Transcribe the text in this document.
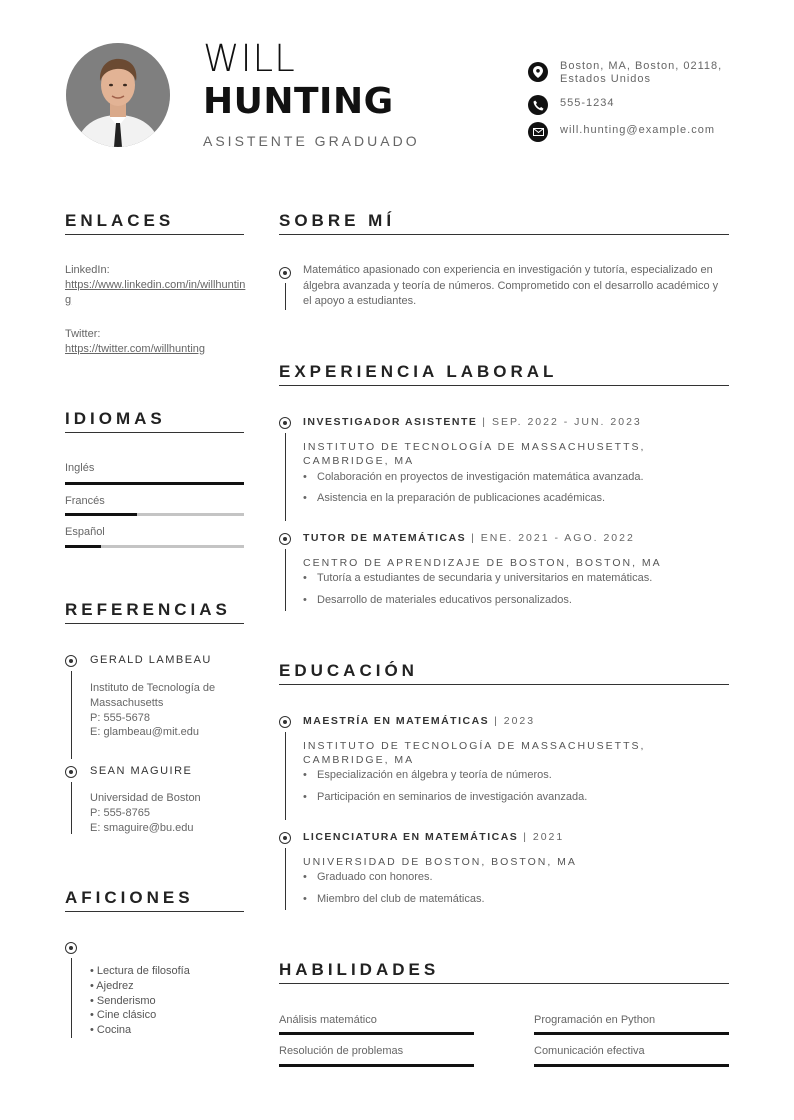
WILL
HUNTING
ASISTENTE GRADUADO
Boston, MA, Boston, 02118, Estados Unidos
555-1234
will.hunting@example.com
ENLACES
LinkedIn:
https://www.linkedin.com/in/willhunting
Twitter:
https://twitter.com/willhunting
IDIOMAS
Inglés
Francés
Español
REFERENCIAS
GERALD LAMBEAU
Instituto de Tecnología de Massachusetts
P: 555-5678
E: glambeau@mit.edu
SEAN MAGUIRE
Universidad de Boston
P: 555-8765
E: smaguire@bu.edu
AFICIONES
• Lectura de filosofía
• Ajedrez
• Senderismo
• Cine clásico
• Cocina
SOBRE MÍ
Matemático apasionado con experiencia en investigación y tutoría, especializado en álgebra avanzada y teoría de números. Comprometido con el desarrollo académico y el apoyo a estudiantes.
EXPERIENCIA LABORAL
INVESTIGADOR ASISTENTE | SEP. 2022 - JUN. 2023
INSTITUTO DE TECNOLOGÍA DE MASSACHUSETTS, CAMBRIDGE, MA
• Colaboración en proyectos de investigación matemática avanzada.
• Asistencia en la preparación de publicaciones académicas.
TUTOR DE MATEMÁTICAS | ENE. 2021 - AGO. 2022
CENTRO DE APRENDIZAJE DE BOSTON, BOSTON, MA
• Tutoría a estudiantes de secundaria y universitarios en matemáticas.
• Desarrollo de materiales educativos personalizados.
EDUCACIÓN
MAESTRÍA EN MATEMÁTICAS | 2023
INSTITUTO DE TECNOLOGÍA DE MASSACHUSETTS, CAMBRIDGE, MA
• Especialización en álgebra y teoría de números.
• Participación en seminarios de investigación avanzada.
LICENCIATURA EN MATEMÁTICAS | 2021
UNIVERSIDAD DE BOSTON, BOSTON, MA
• Graduado con honores.
• Miembro del club de matemáticas.
HABILIDADES
Análisis matemático	Programación en Python
Resolución de problemas	Comunicación efectiva
